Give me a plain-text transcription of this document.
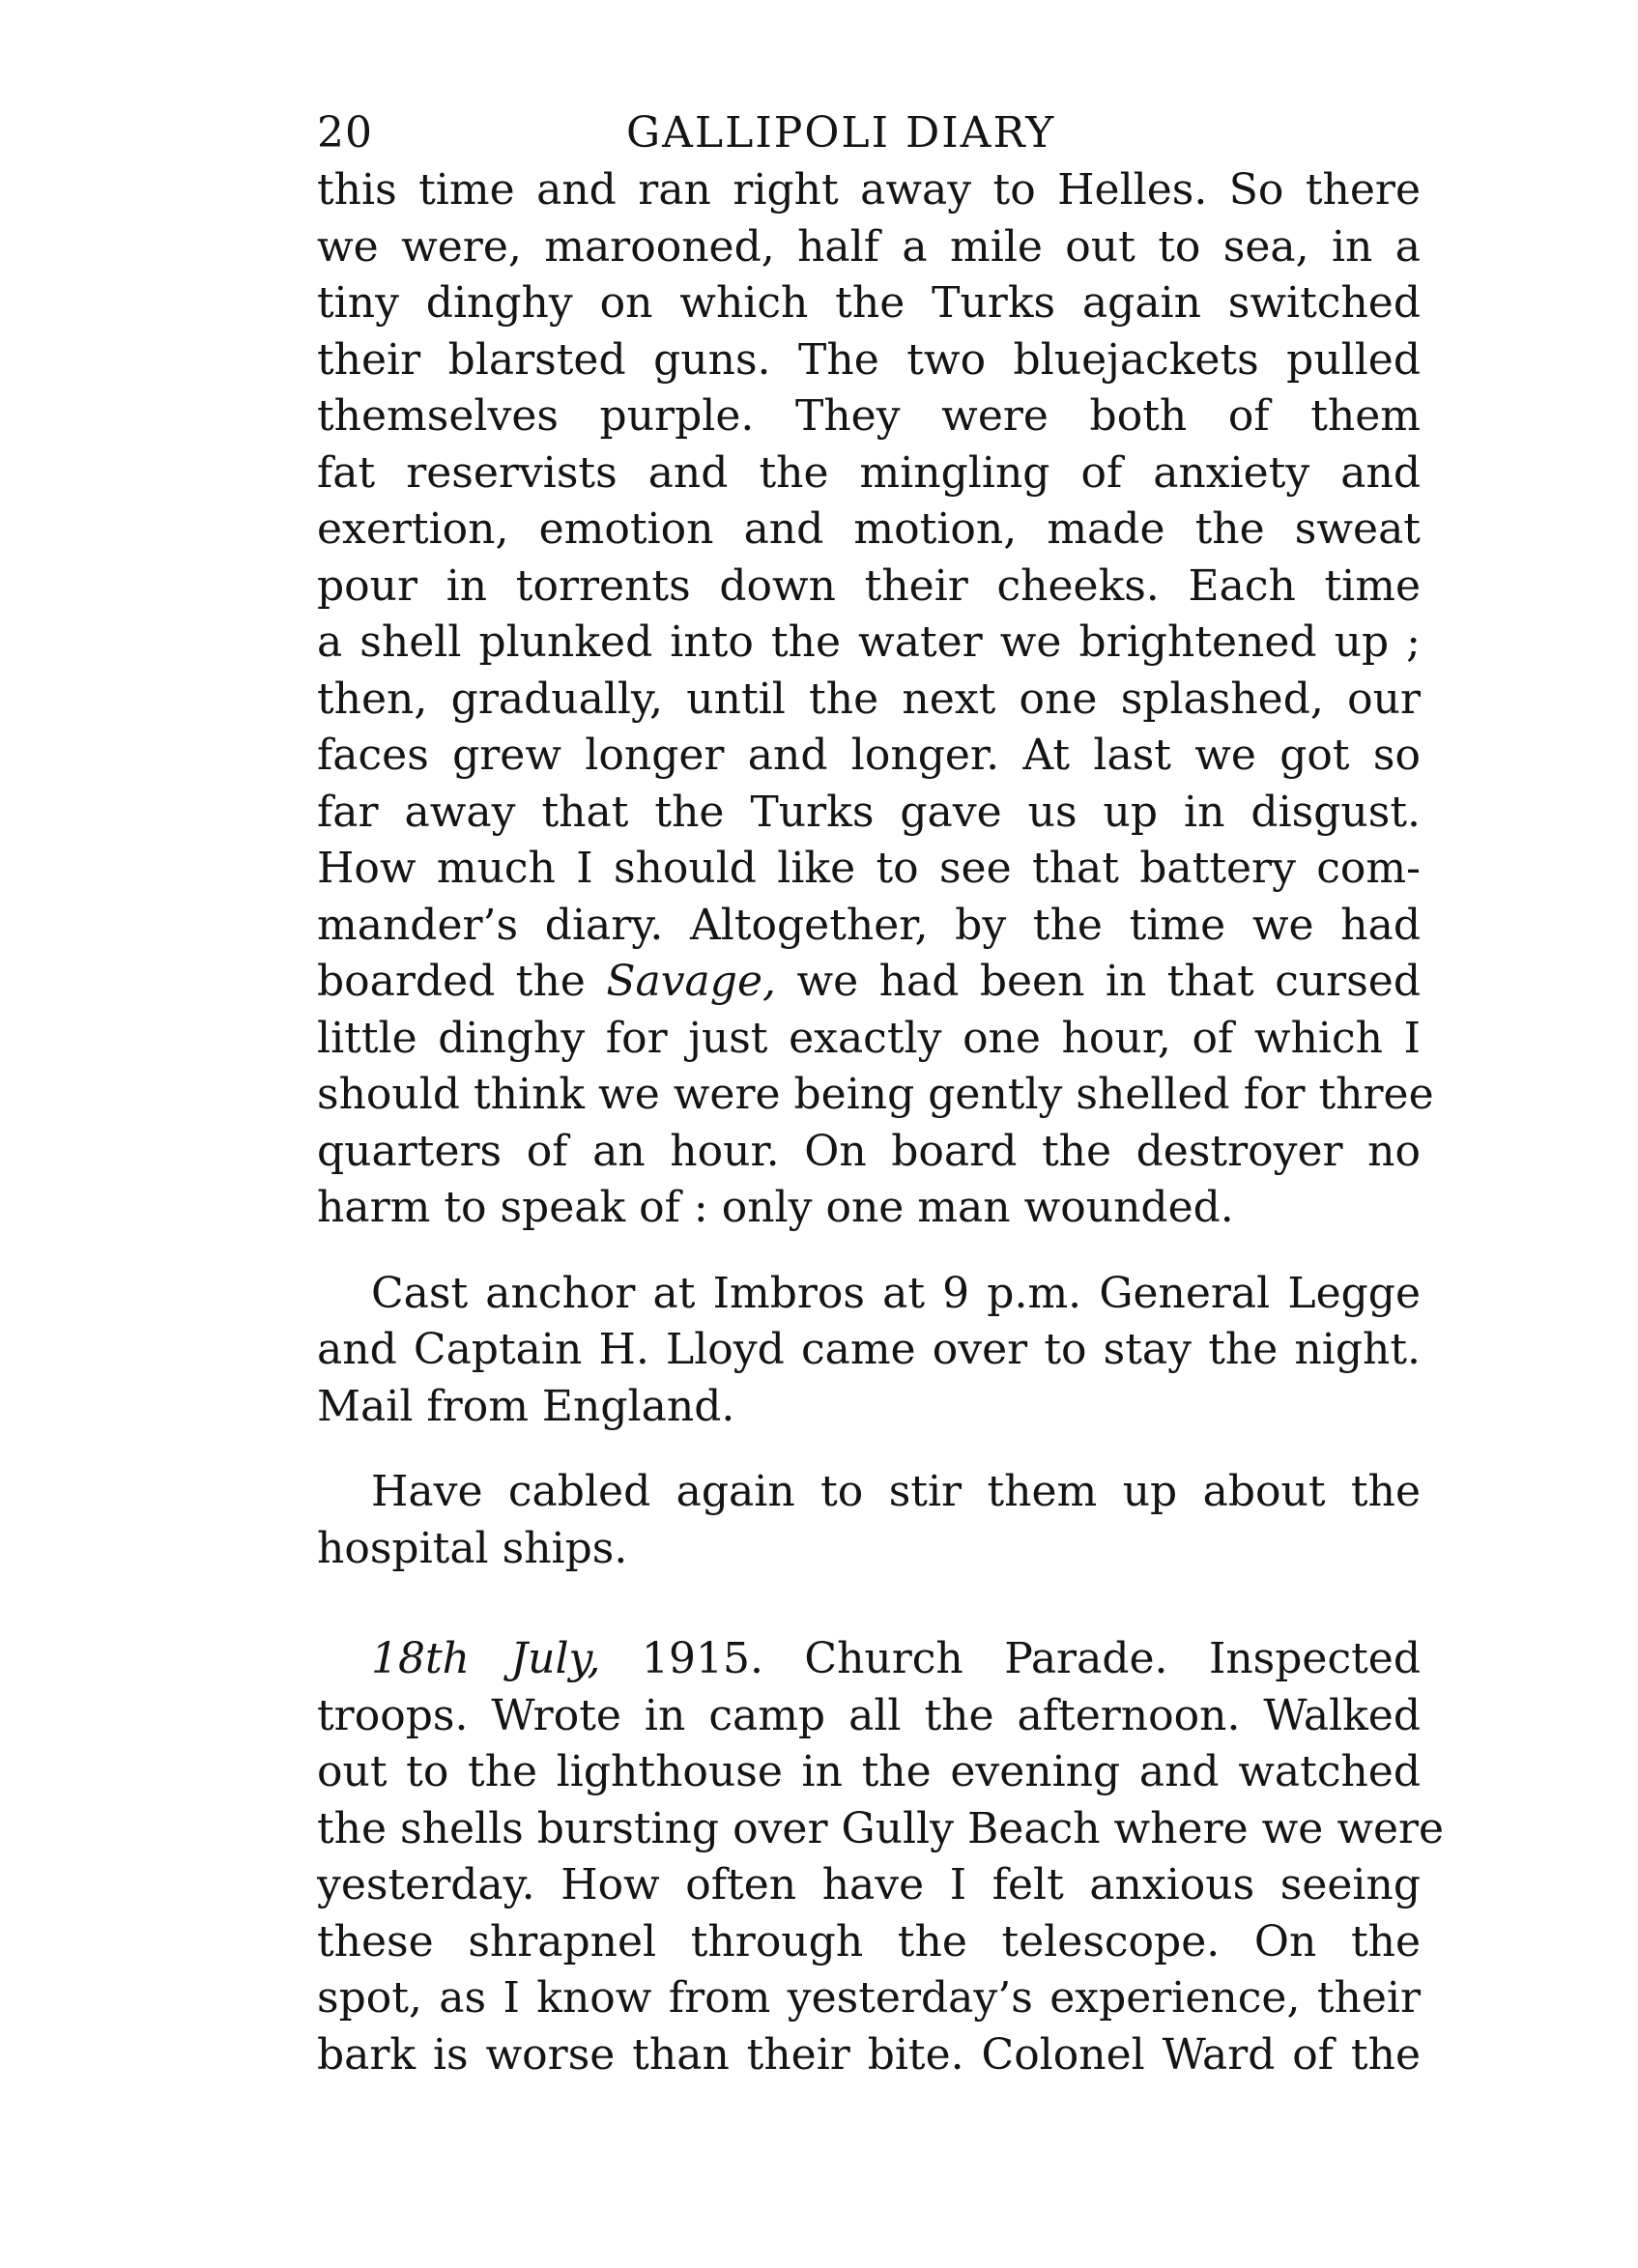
20	GALLIPOLI DIARY
this time and ran right away to Helles. So there
we were, marooned, half a mile out to sea, in a
tiny dinghy on which the Turks again switched
their blarsted guns. The two bluejackets pulled
themselves purple. They were both of them
fat reservists and the mingling of anxiety and
exertion, emotion and motion, made the sweat
pour in torrents down their cheeks. Each time
a shell plunked into the water we brightened up ;
then, gradually, until the next one splashed, our
faces grew longer and longer. At last we got so
far away that the Turks gave us up in disgust.
How much I should like to see that battery com-
mander’s diary. Altogether, by the time we had
boarded the Savage, we had been in that cursed
little dinghy for just exactly one hour, of which I
should think we were being gently shelled for three
quarters of an hour. On board the destroyer no
harm to speak of : only one man wounded.
Cast anchor at Imbros at 9 p.m. General Legge
and Captain H. Lloyd came over to stay the night.
Mail from England.
Have cabled again to stir them up about the
hospital ships.
18th July, 1915. Church Parade. Inspected
troops. Wrote in camp all the afternoon. Walked
out to the lighthouse in the evening and watched
the shells bursting over Gully Beach where we were
yesterday. How often have I felt anxious seeing
these shrapnel through the telescope. On the
spot, as I know from yesterday’s experience, their
bark is worse than their bite. Colonel Ward of the
